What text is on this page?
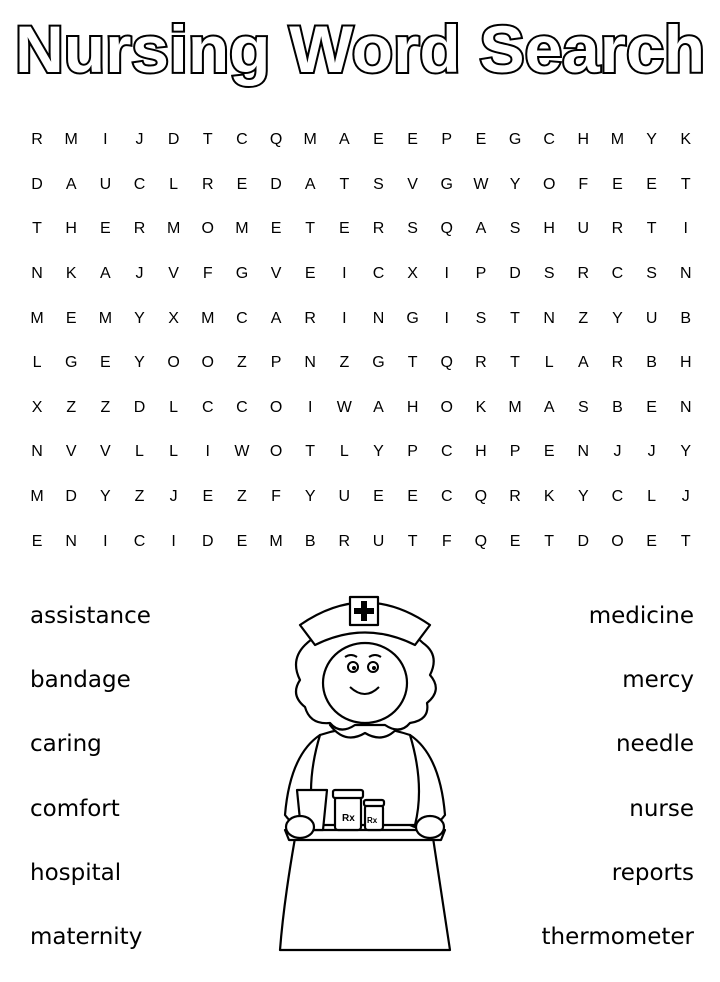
Nursing Word Search
R	M	I	J	D	T	C	Q	M	A	E	E	P	E	G	C	H	M	Y	K
D	A	U	C	L	R	E	D	A	T	S	V	G	W	Y	O	F	E	E	T
T	H	E	R	M	O	M	E	T	E	R	S	Q	A	S	H	U	R	T	I
N	K	A	J	V	F	G	V	E	I	C	X	I	P	D	S	R	C	S	N
M	E	M	Y	X	M	C	A	R	I	N	G	I	S	T	N	Z	Y	U	B
L	G	E	Y	O	O	Z	P	N	Z	G	T	Q	R	T	L	A	R	B	H
X	Z	Z	D	L	C	C	O	I	W	A	H	O	K	M	A	S	B	E	N
N	V	V	L	L	I	W	O	T	L	Y	P	C	H	P	E	N	J	J	Y
M	D	Y	Z	J	E	Z	F	Y	U	E	E	C	Q	R	K	Y	C	L	J
E	N	I	C	I	D	E	M	B	R	U	T	F	Q	E	T	D	O	E	T
assistance
bandage
caring
comfort
hospital
maternity
medicine
mercy
needle
nurse
reports
thermometer
Rx Rx
